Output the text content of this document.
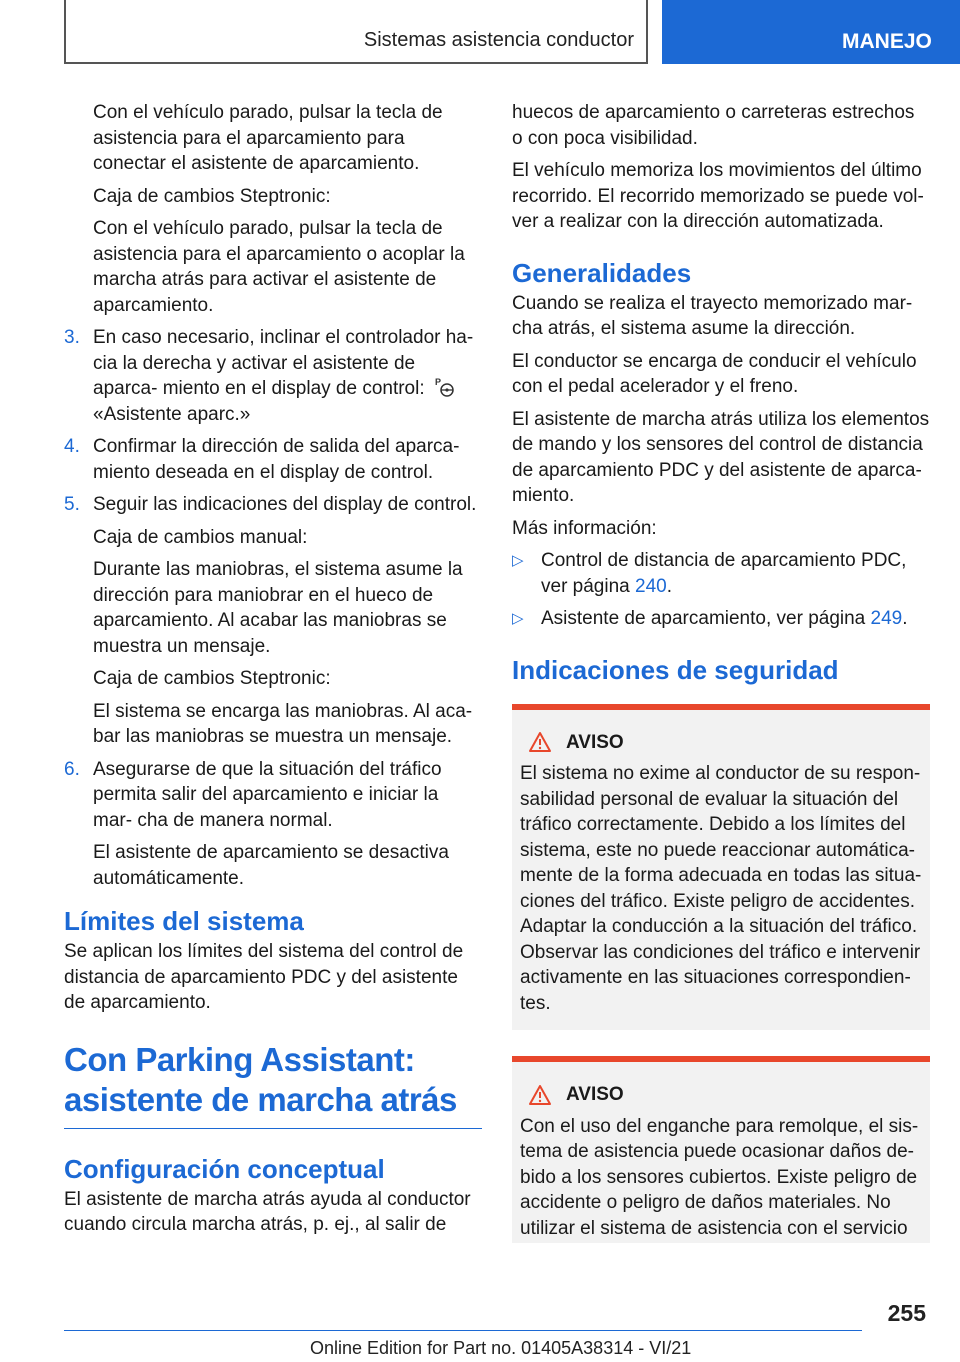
Sistemas asistencia conductor	MANEJO

Con el vehículo parado, pulsar la tecla de asistencia para el aparcamiento para conectar el asistente de aparcamiento.

Caja de cambios Steptronic:

Con el vehículo parado, pulsar la tecla de asistencia para el aparcamiento o acoplar la marcha atrás para activar el asistente de aparcamiento.

3. En caso necesario, inclinar el controlador ha- cia la derecha y activar el asistente de aparca- miento en el display de control: P

«Asistente aparc.»

4. Confirmar la dirección de salida del aparca- miento deseada en el display de control.

5. Seguir las indicaciones del display de control.

Caja de cambios manual:

Durante las maniobras, el sistema asume la dirección para maniobrar en el hueco de aparcamiento. Al acabar las maniobras se muestra un mensaje.

Caja de cambios Steptronic:

El sistema se encarga las maniobras. Al aca- bar las maniobras se muestra un mensaje.

6. Asegurarse de que la situación del tráfico permita salir del aparcamiento e iniciar la mar- cha de manera normal.

El asistente de aparcamiento se desactiva automáticamente.

Límites del sistema

Se aplican los límites del sistema del control de distancia de aparcamiento PDC y del asistente de aparcamiento.

Con Parking Assistant: asistente de marcha atrás
Configuración conceptual

El asistente de marcha atrás ayuda al conductor cuando circula marcha atrás, p. ej., al salir de

huecos de aparcamiento o carreteras estrechos o con poca visibilidad.

El vehículo memoriza los movimientos del último recorrido. El recorrido memorizado se puede vol- ver a realizar con la dirección automatizada.

Generalidades

Cuando se realiza el trayecto memorizado mar- cha atrás, el sistema asume la dirección.

El conductor se encarga de conducir el vehículo con el pedal acelerador y el freno.

El asistente de marcha atrás utiliza los elementos de mando y los sensores del control de distancia de aparcamiento PDC y del asistente de aparca- miento.

Más información:

▷ Control de distancia de aparcamiento PDC, ver página 240.
▷ Asistente de aparcamiento, ver página 249.
Indicaciones de seguridad
AVISO

El sistema no exime al conductor de su respon- sabilidad personal de evaluar la situación del tráfico correctamente. Debido a los límites del sistema, este no puede reaccionar automática- mente de la forma adecuada en todas las situa- ciones del tráfico. Existe peligro de accidentes. Adaptar la conducción a la situación del tráfico. Observar las condiciones del tráfico e intervenir activamente en las situaciones correspondien- tes.

AVISO

Con el uso del enganche para remolque, el sis- tema de asistencia puede ocasionar daños de- bido a los sensores cubiertos. Existe peligro de accidente o peligro de daños materiales. No utilizar el sistema de asistencia con el servicio

255
Online Edition for Part no. 01405A38314 - VI/21
